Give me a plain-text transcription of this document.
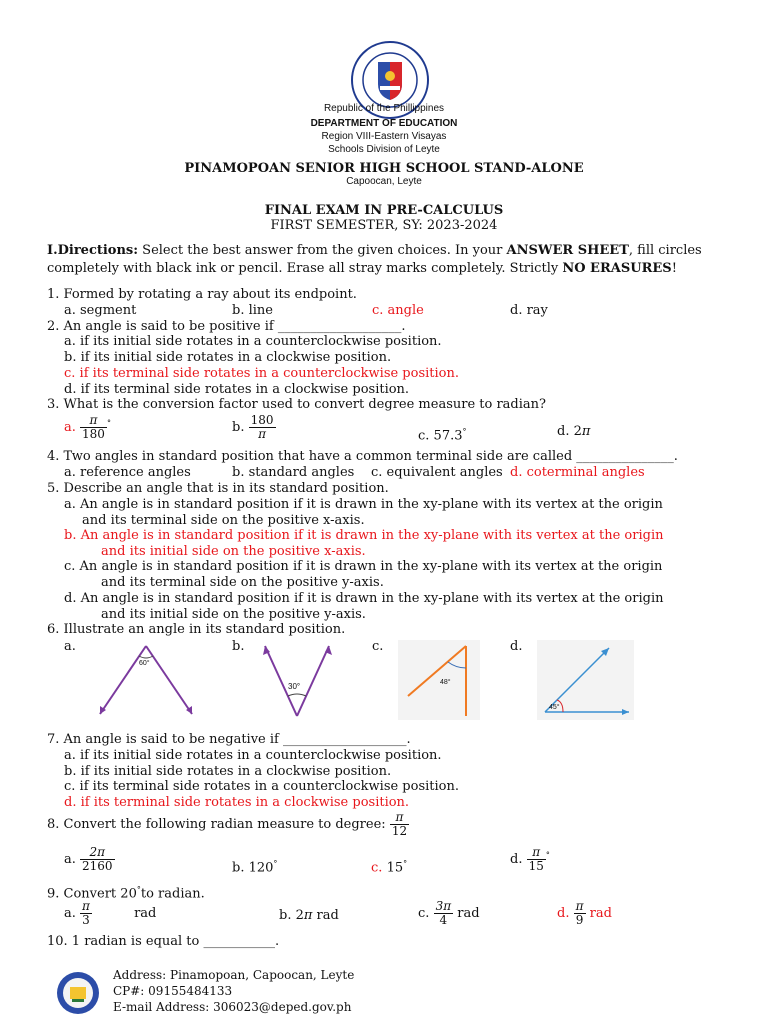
Republic of the Phillippines
DEPARTMENT OF EDUCATION
Region VIII-Eastern Visayas
Schools Division of Leyte
PINAMOPOAN SENIOR HIGH SCHOOL STAND-ALONE
Capoocan, Leyte
FINAL EXAM IN PRE-CALCULUS
FIRST SEMESTER, SY: 2023-2024
I.Directions: Select the best answer from the given choices. In your ANSWER SHEET, fill circles
completely with black ink or pencil. Erase all stray marks completely. Strictly NO ERASURES!
1. Formed by rotating a ray about its endpoint.
a. segment	b. line	c. angle	d. ray
2. An angle is said to be positive if ___________________.
a. if its initial side rotates in a counterclockwise position.
b. if its initial side rotates in a clockwise position.
c. if its terminal side rotates in a counterclockwise position.
d. if its terminal side rotates in a clockwise position.
3. What is the conversion factor used to convert degree measure to radian?
a. $\frac{\pi}{180} ^\circ$	b. $\frac{180}{\pi}$	c. 57.3°	d. 2π
4. Two angles in standard position that have a common terminal side are called _______________.
a. reference angles	b. standard angles c. equivalent angles d. coterminal angles
5. Describe an angle that is in its standard position.
a. An angle is in standard position if it is drawn in the xy-plane with its vertex at the origin
and its terminal side on the positive x-axis.
b. An angle is in standard position if it is drawn in the xy-plane with its vertex at the origin
and its initial side on the positive x-axis.
c. An angle is in standard position if it is drawn in the xy-plane with its vertex at the origin
and its terminal side on the positive y-axis.
d. An angle is in standard position if it is drawn in the xy-plane with its vertex at the origin
and its initial side on the positive y-axis.
6. Illustrate an angle in its standard position.
a.	b.	c.	d.
60°
30°	48°
45°
7. An angle is said to be negative if ___________________.
a. if its initial side rotates in a counterclockwise position.
b. if its initial side rotates in a clockwise position.
c. if its terminal side rotates in a counterclockwise position.
d. if its terminal side rotates in a clockwise position.
8. Convert the following radian measure to degree: $\frac{\pi}{12}$
a. $\frac{2\pi}{2160}$	b. 120°	c. 15°	d. $\frac{\pi}{15} ^\circ$
9. Convert 20°to radian.
a. $\frac{\pi}{3}$	rad	b. 2π rad	c. $\frac{3\pi}{4}$ rad	d. $\frac{\pi}{9}$ rad
10. 1 radian is equal to ___________.
Address: Pinamopoan, Capoocan, Leyte
CP#: 09155484133
E-mail Address: 306023@deped.gov.ph
